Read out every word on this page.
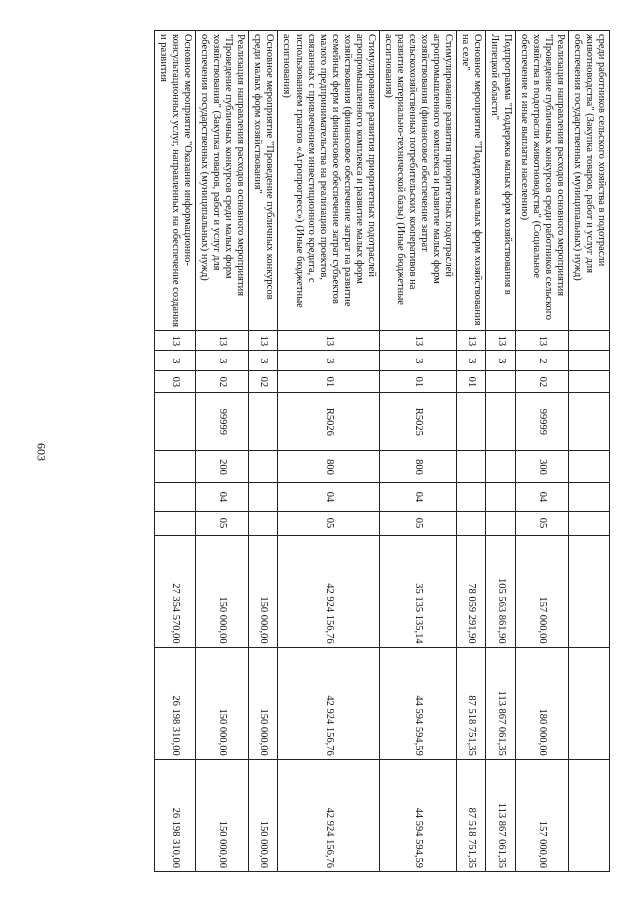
603
среди работников сельского хозяйства в подотрасли животноводства" (Закупка товаров, работ и услуг для обеспечения государственных (муниципальных) нужд)										
Реализация направления расходов основного мероприятия "Проведение публичных конкурсов среди работников сельского хозяйства в подотрасли животноводства" (Социальное обеспечение и иные выплаты населению)	13	2	02	99999	300	04	05	157 000,00	180 000,00	157 000,00
Подпрограмма "Поддержка малых форм хозяйствования в Липецкой области"	13	3						105 563 861,90	113 867 061,35	113 867 061,35
Основное мероприятие "Поддержка малых форм хозяйствования на селе"	13	3	01					78 059 291,90	87 518 751,35	87 518 751,35
Стимулирование развития приоритетных подотраслей агропромышленного комплекса и развитие малых форм хозяйствования (финансовое обеспечение затрат сельскохозяйственных потребительских кооперативов на развитие материально-технической базы) (Иные бюджетные ассигнования)	13	3	01	R5025	800	04	05	35 135 135,14	44 594 594,59	44 594 594,59
Стимулирование развития приоритетных подотраслей агропромышленного комплекса и развитие малых форм хозяйствования (финансовое обеспечение затрат на развитие семейных ферм и финансовое обеспечение затрат субъектов малого предпринимательства на реализацию проектов, связанных с привлечением инвестиционного кредита, с использованием грантов «Агропрогресс») (Иные бюджетные ассигнования)	13	3	01	R5026	800	04	05	42 924 156,76	42 924 156,76	42 924 156,76
Основное мероприятие "Проведение публичных конкурсов среди малых форм хозяйствования"	13	3	02					150 000,00	150 000,00	150 000,00
Реализация направления расходов основного мероприятия "Проведение публичных конкурсов среди малых форм хозяйствования" (Закупка товаров, работ и услуг для обеспечения государственных (муниципальных) нужд)	13	3	02	99999	200	04	05	150 000,00	150 000,00	150 000,00
Основное мероприятие "Оказание информационно-консультационных услуг, направленных на обеспечение создания и развития	13	3	03					27 354 570,00	26 198 310,00	26 198 310,00
